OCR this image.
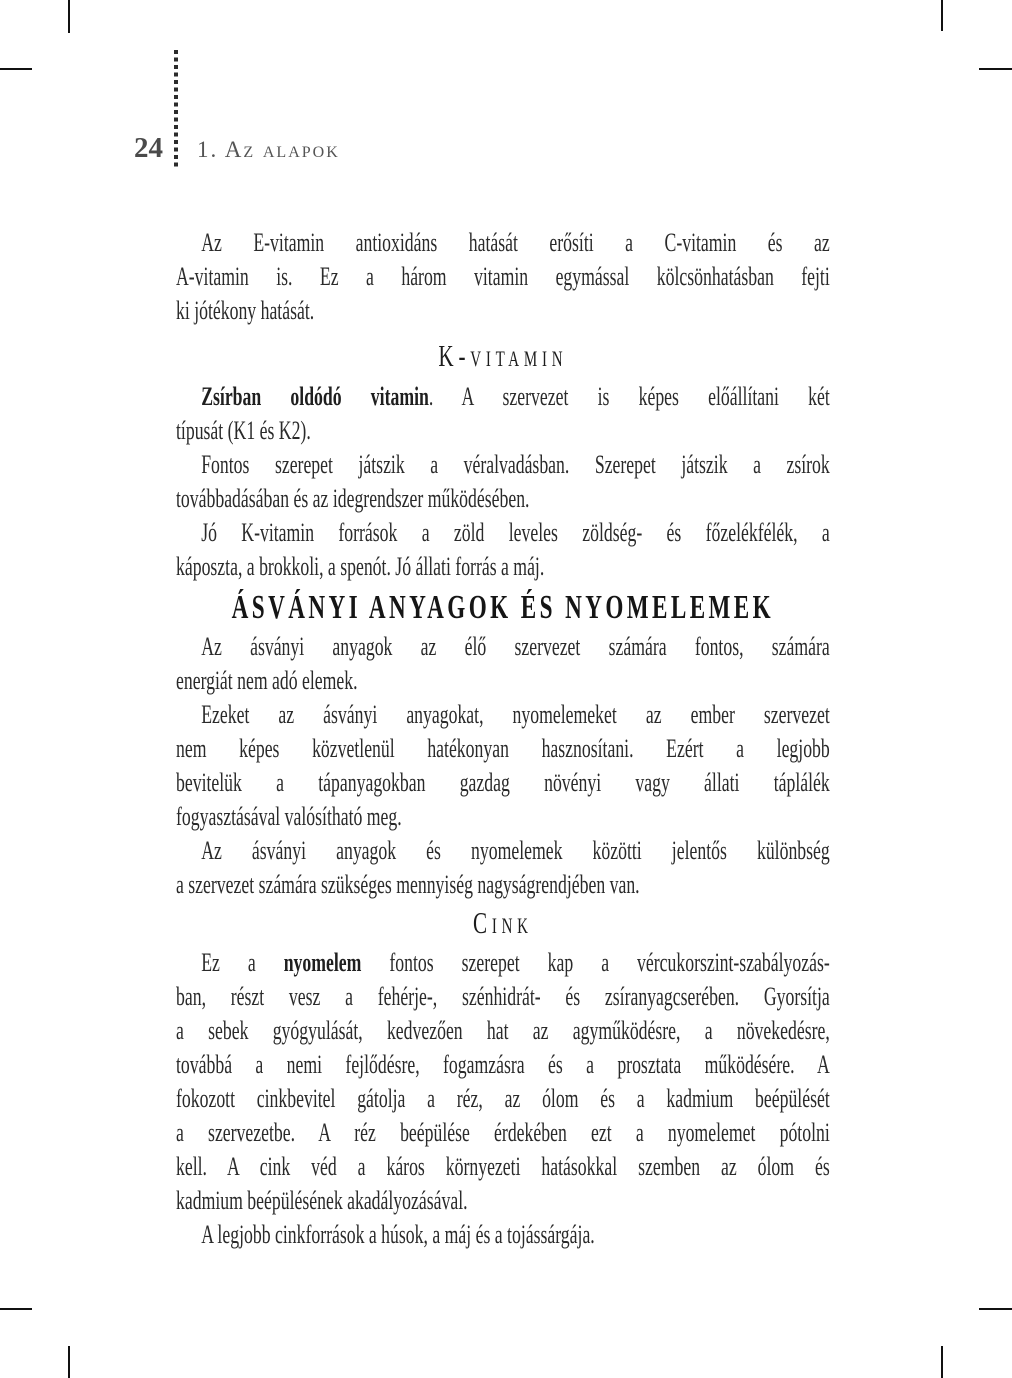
24 1. Az alapok
Az E-vitamin antioxidáns hatását erősíti a C-vitamin és az
A-vitamin is. Ez a három vitamin egymással kölcsönhatásban fejti
ki jótékony hatását.
K-vitamin
Zsírban oldódó vitamin. A szervezet is képes előállítani két
típusát (K1 és K2).
Fontos szerepet játszik a véralvadásban. Szerepet játszik a zsírok
továbbadásában és az idegrendszer működésében.
Jó K-vitamin források a zöld leveles zöldség- és főzelékfélék, a
káposzta, a brokkoli, a spenót. Jó állati forrás a máj.
ÁSVÁNYI ANYAGOK ÉS NYOMELEMEK
Az ásványi anyagok az élő szervezet számára fontos, számára
energiát nem adó elemek.
Ezeket az ásványi anyagokat, nyomelemeket az ember szervezet
nem képes közvetlenül hatékonyan hasznosítani. Ezért a legjobb
bevitelük a tápanyagokban gazdag növényi vagy állati táplálék
fogyasztásával valósítható meg.
Az ásványi anyagok és nyomelemek közötti jelentős különbség
a szervezet számára szükséges mennyiség nagyságrendjében van.
Cink
Ez a nyomelem fontos szerepet kap a vércukorszint-szabályozás-
ban, részt vesz a fehérje-, szénhidrát- és zsíranyagcserében. Gyorsítja
a sebek gyógyulását, kedvezően hat az agyműködésre, a növekedésre,
továbbá a nemi fejlődésre, fogamzásra és a prosztata működésére. A
fokozott cinkbevitel gátolja a réz, az ólom és a kadmium beépülését
a szervezetbe. A réz beépülése érdekében ezt a nyomelemet pótolni
kell. A cink véd a káros környezeti hatásokkal szemben az ólom és
kadmium beépülésének akadályozásával.
A legjobb cinkforrások a húsok, a máj és a tojássárgája.
